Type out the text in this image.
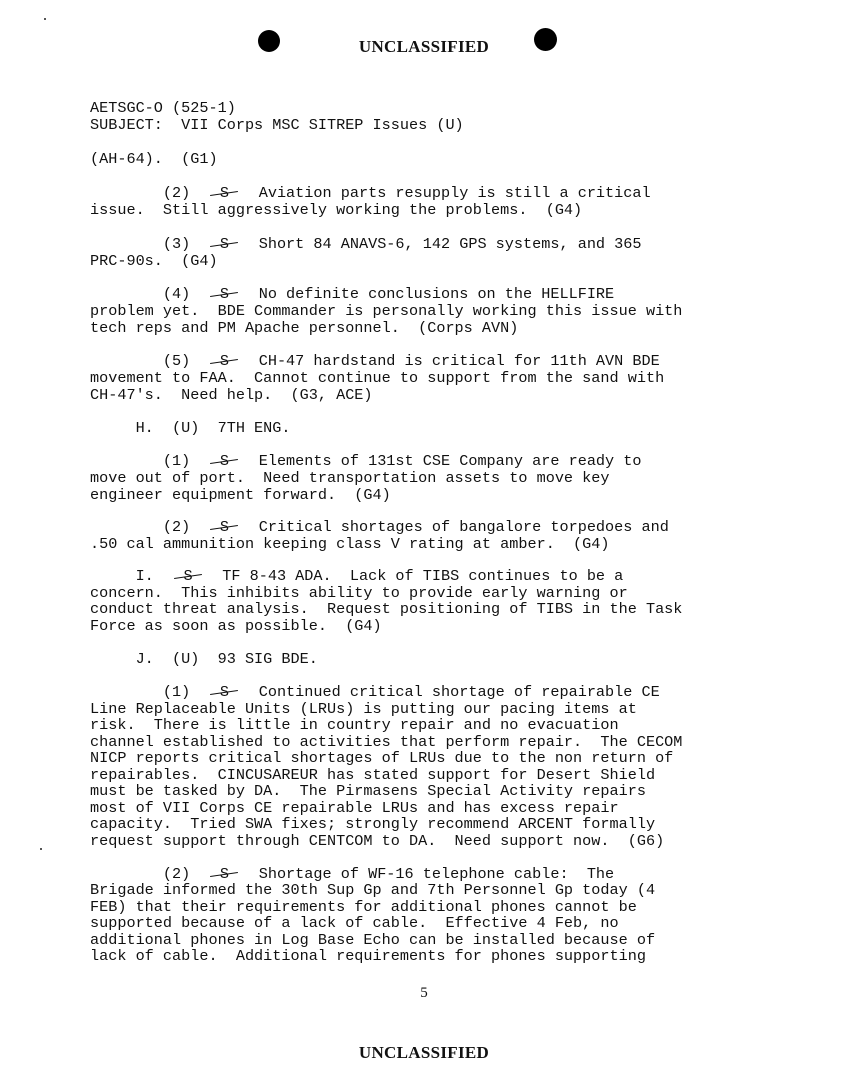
UNCLASSIFIED
AETSGC-O (525-1)
SUBJECT:  VII Corps MSC SITREP Issues (U)
(AH-64).  (G1)
(2)  S  Aviation parts resupply is still a critical
issue.  Still aggressively working the problems.  (G4)
(3)  S  Short 84 ANAVS-6, 142 GPS systems, and 365
PRC-90s.  (G4)
(4)  S  No definite conclusions on the HELLFIRE
problem yet.  BDE Commander is personally working this issue with
tech reps and PM Apache personnel.  (Corps AVN)
(5)  S  CH-47 hardstand is critical for 11th AVN BDE
movement to FAA.  Cannot continue to support from the sand with
CH-47's.  Need help.  (G3, ACE)
H.  (U)  7TH ENG.
(1)  S  Elements of 131st CSE Company are ready to
move out of port.  Need transportation assets to move key
engineer equipment forward.  (G4)
(2)  S  Critical shortages of bangalore torpedoes and
.50 cal ammunition keeping class V rating at amber.  (G4)
I.  S  TF 8-43 ADA.  Lack of TIBS continues to be a
concern.  This inhibits ability to provide early warning or
conduct threat analysis.  Request positioning of TIBS in the Task
Force as soon as possible.  (G4)
J.  (U)  93 SIG BDE.
(1)  S  Continued critical shortage of repairable CE
Line Replaceable Units (LRUs) is putting our pacing items at
risk.  There is little in country repair and no evacuation
channel established to activities that perform repair.  The CECOM
NICP reports critical shortages of LRUs due to the non return of
repairables.  CINCUSAREUR has stated support for Desert Shield
must be tasked by DA.  The Pirmasens Special Activity repairs
most of VII Corps CE repairable LRUs and has excess repair
capacity.  Tried SWA fixes; strongly recommend ARCENT formally
request support through CENTCOM to DA.  Need support now.  (G6)
(2)  S  Shortage of WF-16 telephone cable:  The
Brigade informed the 30th Sup Gp and 7th Personnel Gp today (4
FEB) that their requirements for additional phones cannot be
supported because of a lack of cable.  Effective 4 Feb, no
additional phones in Log Base Echo can be installed because of
lack of cable.  Additional requirements for phones supporting
5
UNCLASSIFIED
